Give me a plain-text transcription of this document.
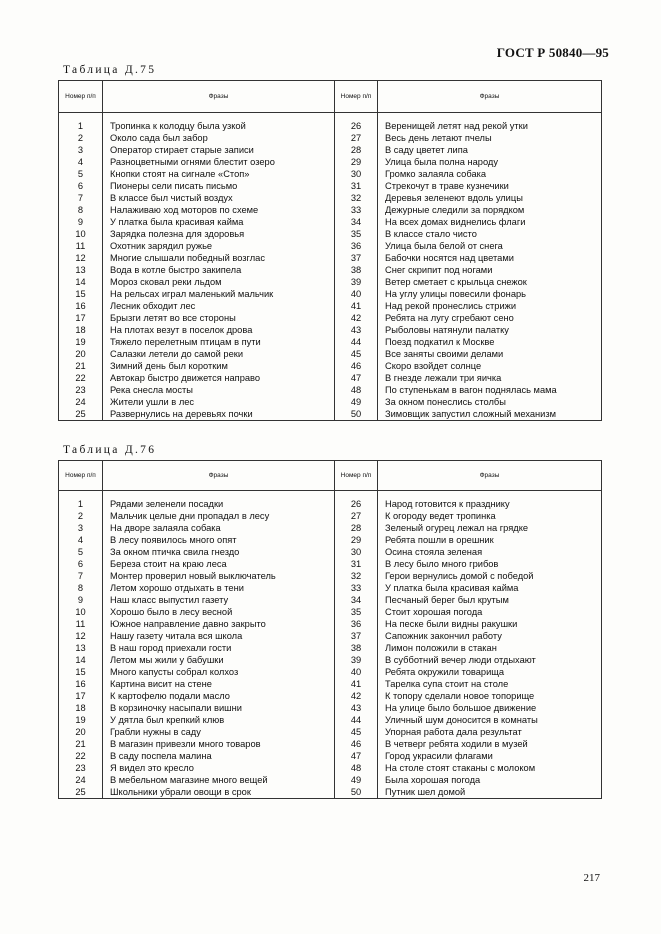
ГОСТ Р 50840—95
Таблица Д.75
Номер п/п	Фразы	Номер п/п	Фразы

1	Тропинка к колодцу была узкой	26	Веренищей летят над рекой утки
2	Около сада был забор	27	Весь день летают пчелы
3	Оператор стирает старые записи	28	В саду цветет липа
4	Разноцветными огнями блестит озеро	29	Улица была полна народу
5	Кнопки стоят на сигнале «Стоп»	30	Громко залаяла собака
6	Пионеры сели писать письмо	31	Стрекочут в траве кузнечики
7	В классе был чистый воздух	32	Деревья зеленеют вдоль улицы
8	Налаживаю ход моторов по схеме	33	Дежурные следили за порядком
9	У платка была красивая кайма	34	На всех домах виднелись флаги
10	Зарядка полезна для здоровья	35	В классе стало чисто
11	Охотник зарядил ружье	36	Улица была белой от снега
12	Многие слышали победный возглас	37	Бабочки носятся над цветами
13	Вода в котле быстро закипела	38	Снег скрипит под ногами
14	Мороз сковал реки льдом	39	Ветер сметает с крыльца снежок
15	На рельсах играл маленький мальчик	40	На углу улицы повесили фонарь
16	Лесник обходит лес	41	Над рекой пронеслись стрижи
17	Брызги летят во все стороны	42	Ребята на лугу сгребают сено
18	На плотах везут в поселок дрова	43	Рыболовы натянули палатку
19	Тяжело перелетным птицам в пути	44	Поезд подкатил к Москве
20	Салазки летели до самой реки	45	Все заняты своими делами
21	Зимний день был коротким	46	Скоро взойдет солнце
22	Автокар быстро движется направо	47	В гнезде лежали три яичка
23	Река снесла мосты	48	По ступенькам в вагон поднялась мама
24	Жители ушли в лес	49	За окном понеслись столбы
25	Развернулись на деревьях почки	50	Зимовщик запустил сложный механизм
Таблица Д.76
Номер п/п	Фразы	Номер п/п	Фразы

1	Рядами зеленели посадки	26	Народ готовится к празднику
2	Мальчик целые дни пропадал в лесу	27	К огороду ведет тропинка
3	На дворе залаяла собака	28	Зеленый огурец лежал на грядке
4	В лесу появилось много опят	29	Ребята пошли в орешник
5	За окном птичка свила гнездо	30	Осина стояла зеленая
6	Береза стоит на краю леса	31	В лесу было много грибов
7	Монтер проверил новый выключатель	32	Герои вернулись домой с победой
8	Летом хорошо отдыхать в тени	33	У платка была красивая кайма
9	Наш класс выпустил газету	34	Песчаный берег был крутым
10	Хорошо было в лесу весной	35	Стоит хорошая погода
11	Южное направление давно закрыто	36	На песке были видны ракушки
12	Нашу газету читала вся школа	37	Сапожник закончил работу
13	В наш город приехали гости	38	Лимон положили в стакан
14	Летом мы жили у бабушки	39	В субботний вечер люди отдыхают
15	Много капусты собрал колхоз	40	Ребята окружили товарища
16	Картина висит на стене	41	Тарелка супа стоит на столе
17	К картофелю подали масло	42	К топору сделали новое топорище
18	В корзиночку насыпали вишни	43	На улице было большое движение
19	У дятла был крепкий клюв	44	Уличный шум доносится в комнаты
20	Грабли нужны в саду	45	Упорная работа дала результат
21	В магазин привезли много товаров	46	В четверг ребята ходили в музей
22	В саду поспела малина	47	Город украсили флагами
23	Я видел это кресло	48	На столе стоят стаканы с молоком
24	В мебельном магазине много вещей	49	Была хорошая погода
25	Школьники убрали овощи в срок	50	Путник шел домой
217
